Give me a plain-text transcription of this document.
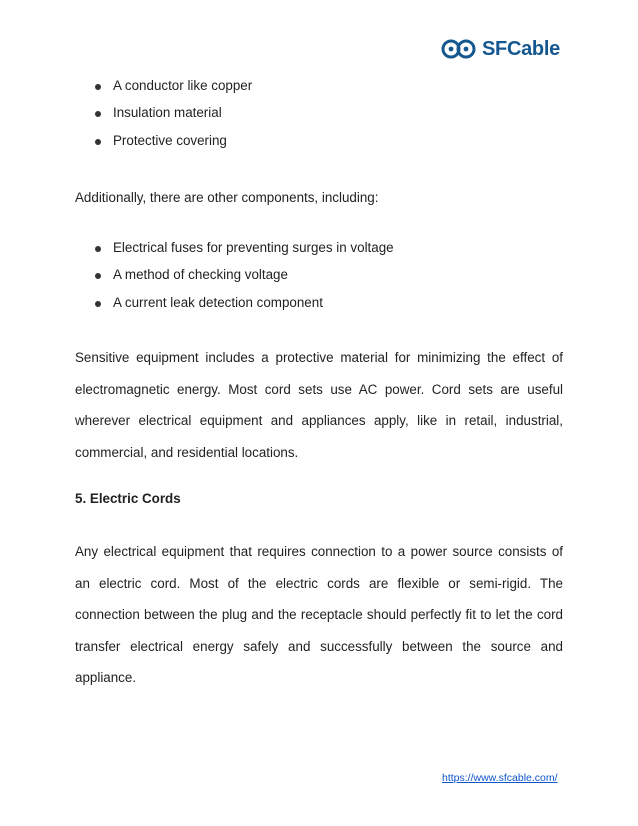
SFCable
A conductor like copper
Insulation material
Protective covering
Additionally, there are other components, including:
Electrical fuses for preventing surges in voltage
A method of checking voltage
A current leak detection component
Sensitive equipment includes a protective material for minimizing the effect of electromagnetic energy. Most cord sets use AC power. Cord sets are useful wherever electrical equipment and appliances apply, like in retail, industrial, commercial, and residential locations.
5. Electric Cords
Any electrical equipment that requires connection to a power source consists of an electric cord. Most of the electric cords are flexible or semi-rigid. The connection between the plug and the receptacle should perfectly fit to let the cord transfer electrical energy safely and successfully between the source and appliance.
https://www.sfcable.com/
